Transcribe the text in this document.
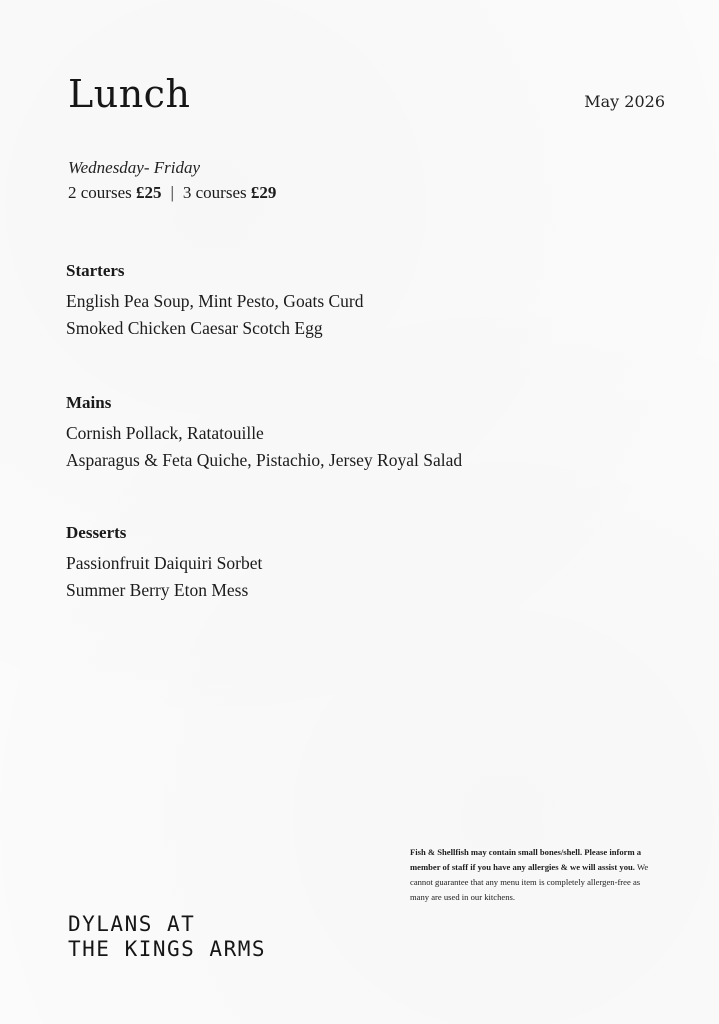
Lunch	May 2026
Wednesday- Friday
2 courses £25 | 3 courses £29
Starters
English Pea Soup, Mint Pesto, Goats Curd
Smoked Chicken Caesar Scotch Egg
Mains
Cornish Pollack, Ratatouille
Asparagus & Feta Quiche, Pistachio, Jersey Royal Salad
Desserts
Passionfruit Daiquiri Sorbet
Summer Berry Eton Mess
Fish & Shellfish may contain small bones/shell. Please inform a member of staff if you have any allergies & we will assist you. We cannot guarantee that any menu item is completely allergen-free as many are used in our kitchens.
DYLANS AT
THE KINGS ARMS
